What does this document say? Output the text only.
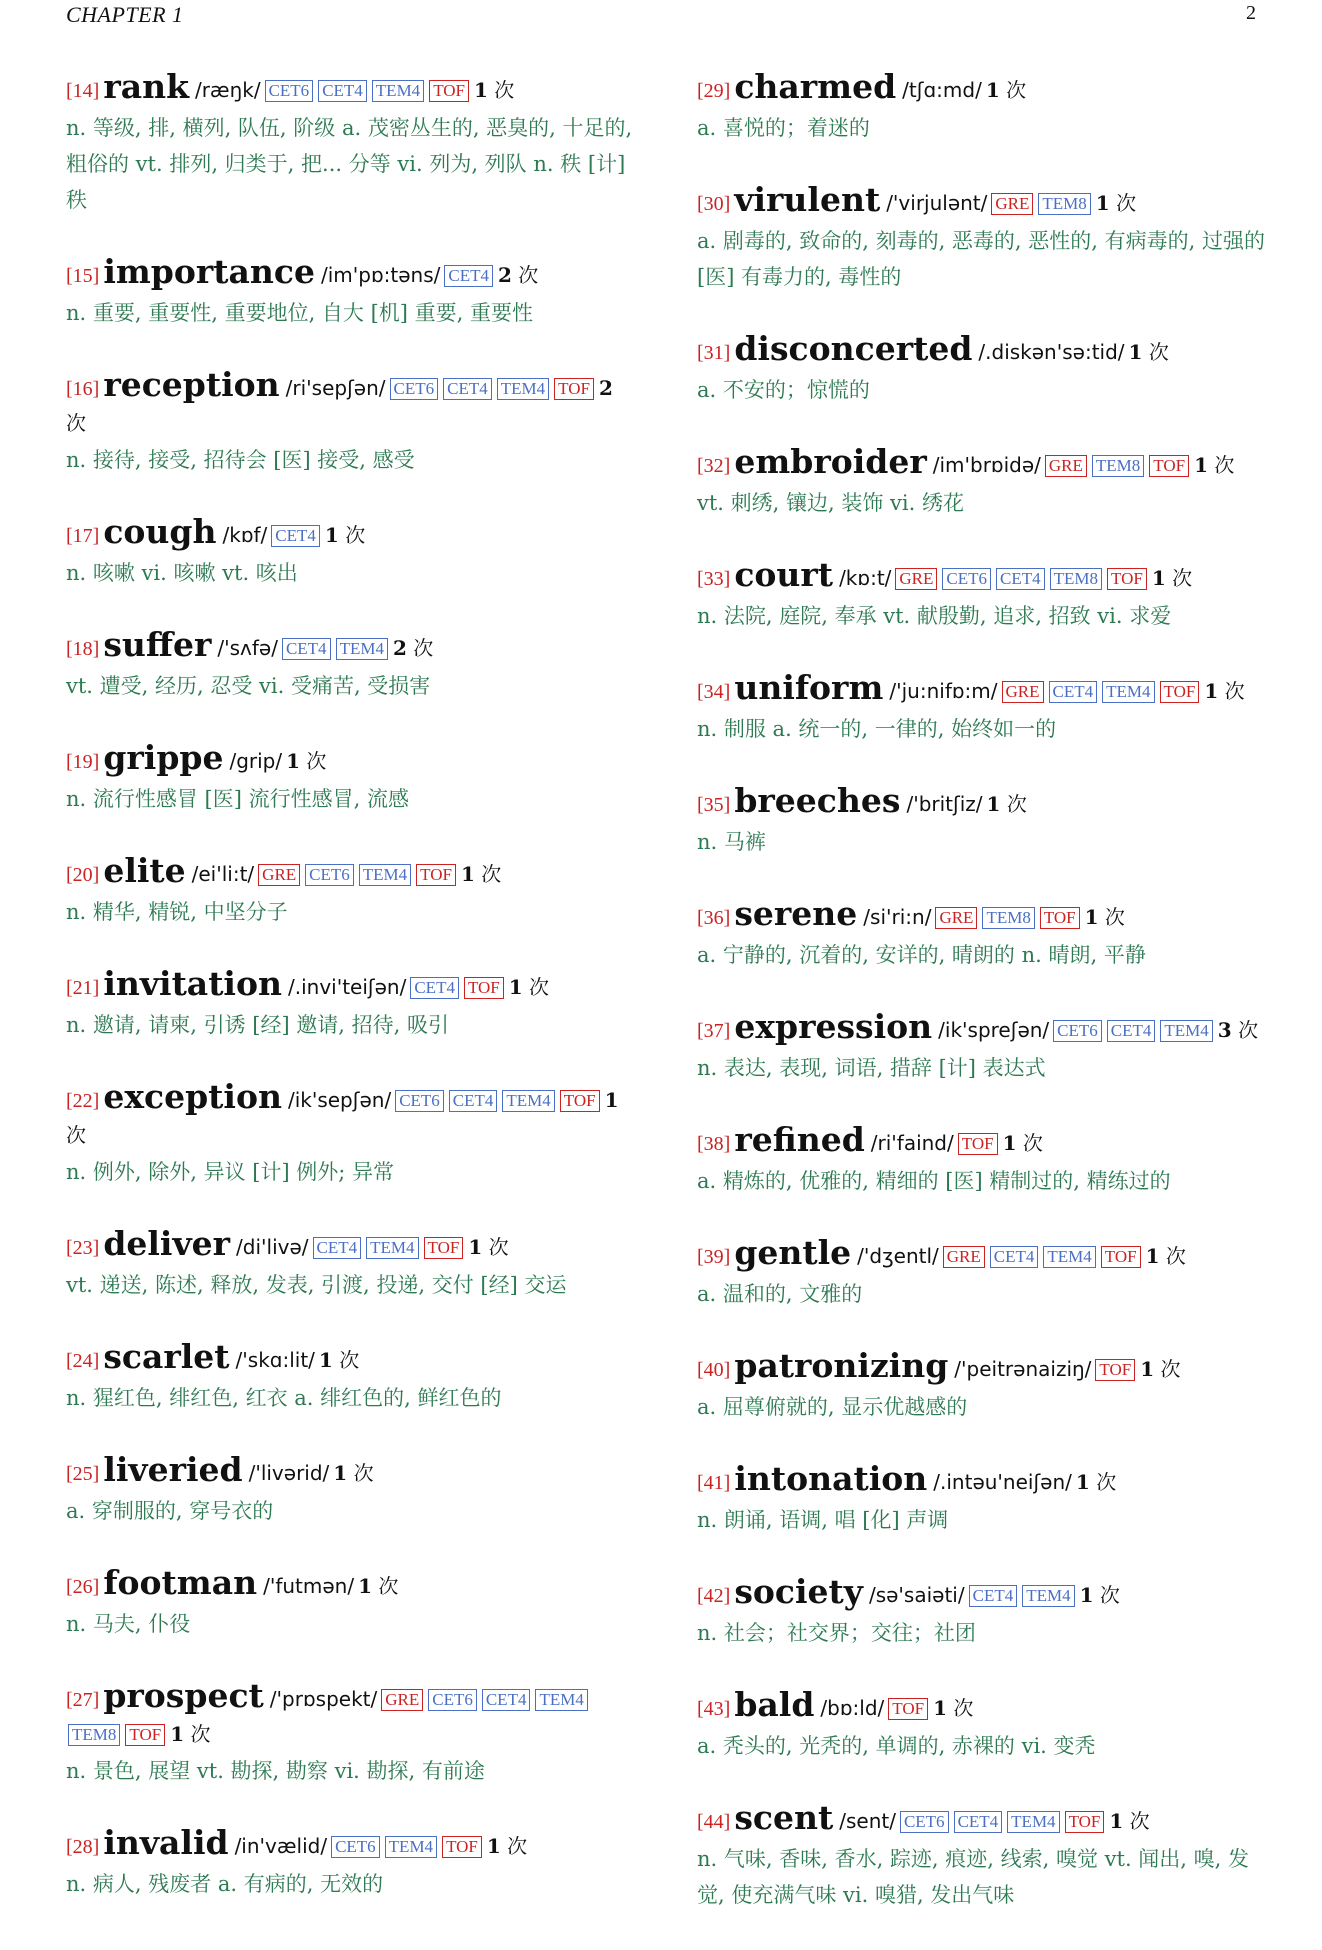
CHAPTER 1	2
[14] rank /ræŋk/ CET6 CET4 TEM4 TOF 1 次
n. 等级, 排, 横列, 队伍, 阶级 a. 茂密丛生的, 恶臭的, 十足的, 粗俗的 vt. 排列, 归类于, 把... 分等 vi. 列为, 列队 n. 秩 [计] 秩
[15] importance /im'pɒ:təns/ CET4 2 次
n. 重要, 重要性, 重要地位, 自大 [机] 重要, 重要性
[16] reception /ri'sepʃən/ CET6 CET4 TEM4 TOF 2 次
n. 接待, 接受, 招待会 [医] 接受, 感受
[17] cough /kɒf/ CET4 1 次
n. 咳嗽 vi. 咳嗽 vt. 咳出
[18] suffer /'sʌfə/ CET4 TEM4 2 次
vt. 遭受, 经历, 忍受 vi. 受痛苦, 受损害
[19] grippe /grip/ 1 次
n. 流行性感冒 [医] 流行性感冒, 流感
[20] elite /ei'li:t/ GRE CET6 TEM4 TOF 1 次
n. 精华, 精锐, 中坚分子
[21] invitation /.invi'teiʃən/ CET4 TOF 1 次
n. 邀请, 请柬, 引诱 [经] 邀请, 招待, 吸引
[22] exception /ik'sepʃən/ CET6 CET4 TEM4 TOF 1 次
n. 例外, 除外, 异议 [计] 例外; 异常
[23] deliver /di'livə/ CET4 TEM4 TOF 1 次
vt. 递送, 陈述, 释放, 发表, 引渡, 投递, 交付 [经] 交运
[24] scarlet /'skɑ:lit/ 1 次
n. 猩红色, 绯红色, 红衣 a. 绯红色的, 鲜红色的
[25] liveried /'livərid/ 1 次
a. 穿制服的, 穿号衣的
[26] footman /'futmən/ 1 次
n. 马夫, 仆役
[27] prospect /'prɒspekt/ GRE CET6 CET4 TEM4TEM8 TOF 1 次
n. 景色, 展望 vt. 勘探, 勘察 vi. 勘探, 有前途
[28] invalid /in'vælid/ CET6 TEM4 TOF 1 次
n. 病人, 残废者 a. 有病的, 无效的
[29] charmed /tʃɑ:md/ 1 次
a. 喜悦的；着迷的
[30] virulent /'virjulənt/ GRE TEM8 1 次
a. 剧毒的, 致命的, 刻毒的, 恶毒的, 恶性的, 有病毒的, 过强的 [医] 有毒力的, 毒性的
[31] disconcerted /.diskən'sə:tid/ 1 次
a. 不安的；惊慌的
[32] embroider /im'brɒidə/ GRE TEM8 TOF 1 次
vt. 刺绣, 镶边, 装饰 vi. 绣花
[33] court /kɒ:t/ GRE CET6 CET4 TEM8 TOF 1 次
n. 法院, 庭院, 奉承 vt. 献殷勤, 追求, 招致 vi. 求爱
[34] uniform /'ju:nifɒ:m/ GRE CET4 TEM4 TOF 1 次
n. 制服 a. 统一的, 一律的, 始终如一的
[35] breeches /'britʃiz/ 1 次
n. 马裤
[36] serene /si'ri:n/ GRE TEM8 TOF 1 次
a. 宁静的, 沉着的, 安详的, 晴朗的 n. 晴朗, 平静
[37] expression /ik'spreʃən/ CET6 CET4 TEM4 3 次
n. 表达, 表现, 词语, 措辞 [计] 表达式
[38] refined /ri'faind/ TOF 1 次
a. 精炼的, 优雅的, 精细的 [医] 精制过的, 精练过的
[39] gentle /'dʒentl/ GRE CET4 TEM4 TOF 1 次
a. 温和的, 文雅的
[40] patronizing /'peitrənaiziŋ/ TOF 1 次
a. 屈尊俯就的, 显示优越感的
[41] intonation /.intəu'neiʃən/ 1 次
n. 朗诵, 语调, 唱 [化] 声调
[42] society /sə'saiəti/ CET4 TEM4 1 次
n. 社会；社交界；交往；社团
[43] bald /bɒ:ld/ TOF 1 次
a. 秃头的, 光秃的, 单调的, 赤裸的 vi. 变秃
[44] scent /sent/ CET6 CET4 TEM4 TOF 1 次
n. 气味, 香味, 香水, 踪迹, 痕迹, 线索, 嗅觉 vt. 闻出, 嗅, 发觉, 使充满气味 vi. 嗅猎, 发出气味
